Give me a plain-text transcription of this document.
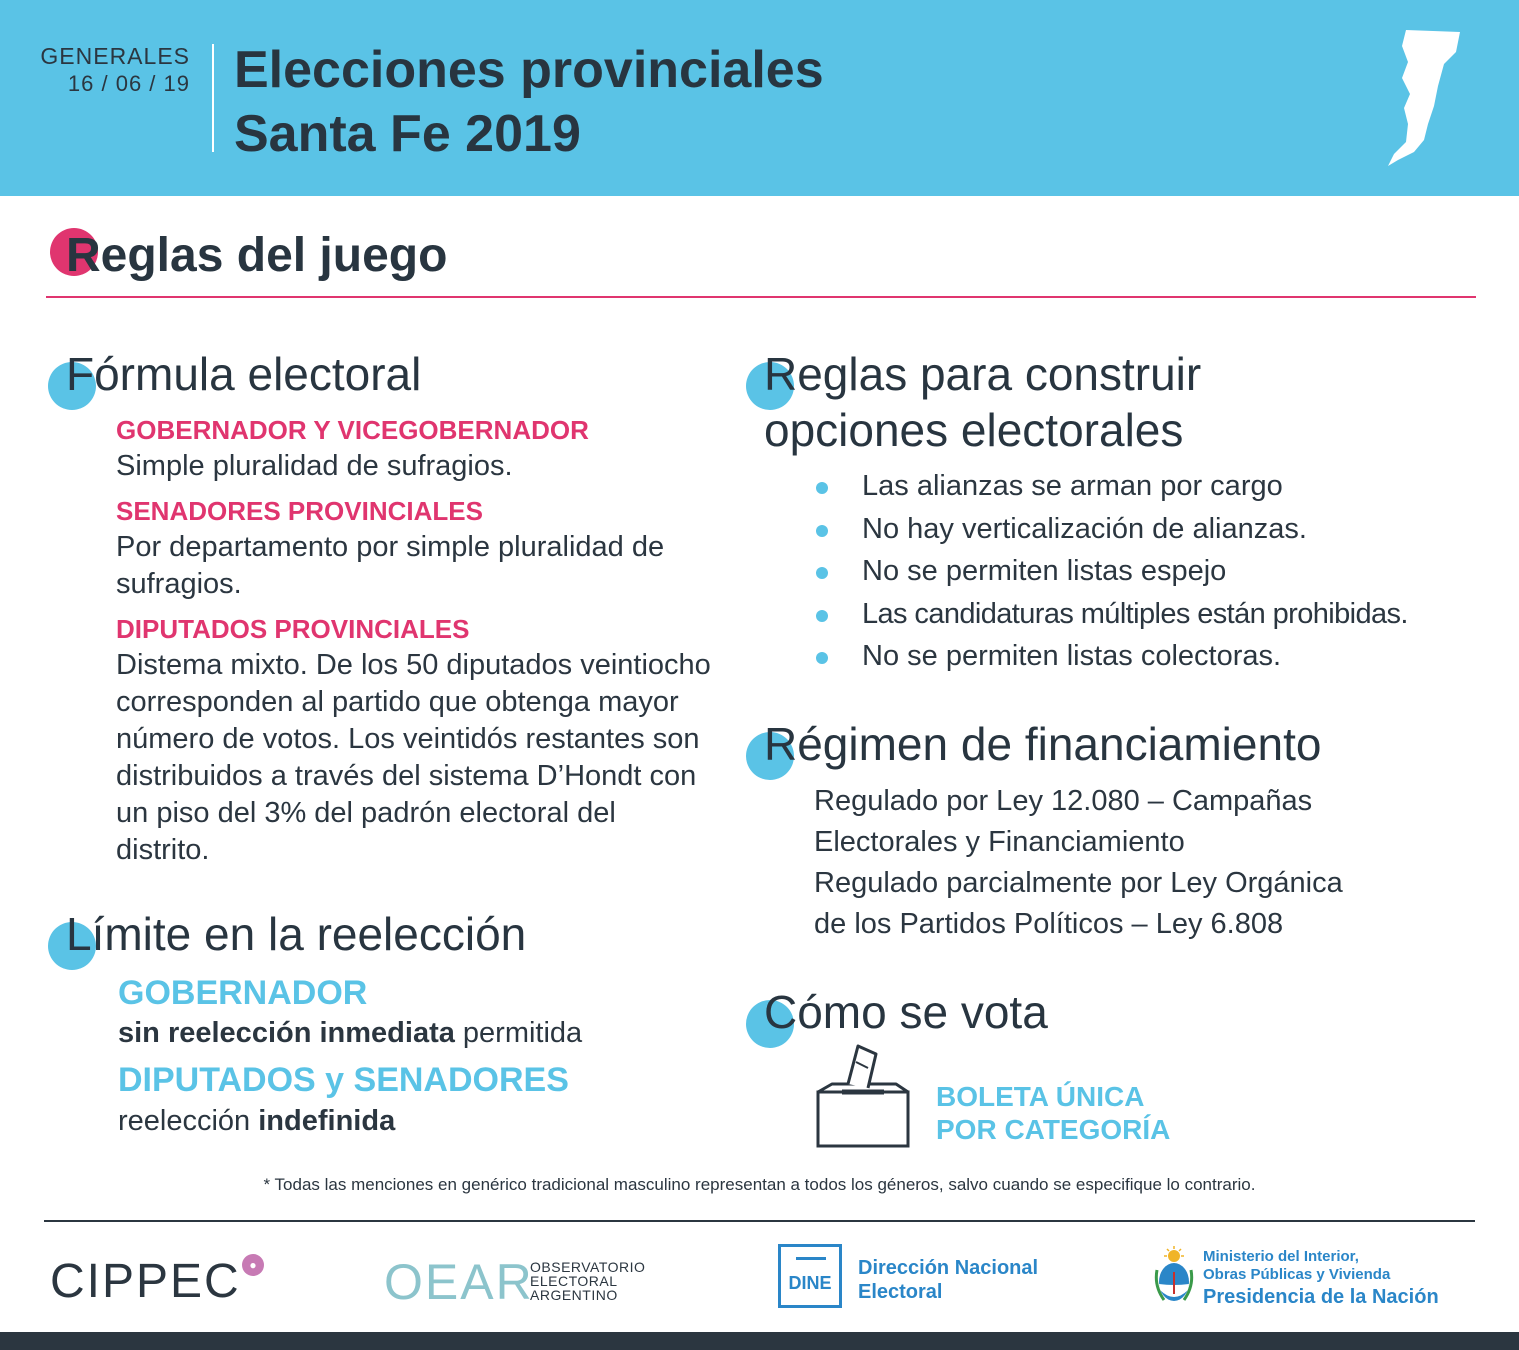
GENERALES
16 / 06 / 19 Elecciones provinciales
Santa Fe 2019
Reglas del juego
Fórmula electoral
GOBERNADOR Y VICEGOBERNADOR
Simple pluralidad de sufragios.
SENADORES PROVINCIALES
Por departamento por simple pluralidad de sufragios.
DIPUTADOS PROVINCIALES
Distema mixto. De los 50 diputados veintiocho corresponden al partido que obtenga mayor número de votos. Los veintidós restantes son distribuidos a través del sistema D’Hondt con un piso del 3% del padrón electoral del distrito.
Límite en la reelección
GOBERNADOR
sin reelección inmediata permitida
DIPUTADOS y SENADORES
reelección indefinida
Reglas para construir
opciones electorales
Las alianzas se arman por cargo
No hay verticalización de alianzas.
No se permiten listas espejo
Las candidaturas múltiples están prohibidas.
No se permiten listas colectoras.
Régimen de financiamiento
Regulado por Ley 12.080 – Campañas
Electorales y Financiamiento
Regulado parcialmente por Ley Orgánica
de los Partidos Políticos – Ley 6.808
Cómo se vota
BOLETA ÚNICA
POR CATEGORÍA
* Todas las menciones en genérico tradicional masculino representan a todos los géneros, salvo cuando se especifique lo contrario.
CIPPEC ●	OEAR
OBSERVATORIO
ELECTORAL
ARGENTINO
DINE
Dirección Nacional
Electoral
Ministerio del Interior,
Obras Públicas y Vivienda
Presidencia de la Nación
